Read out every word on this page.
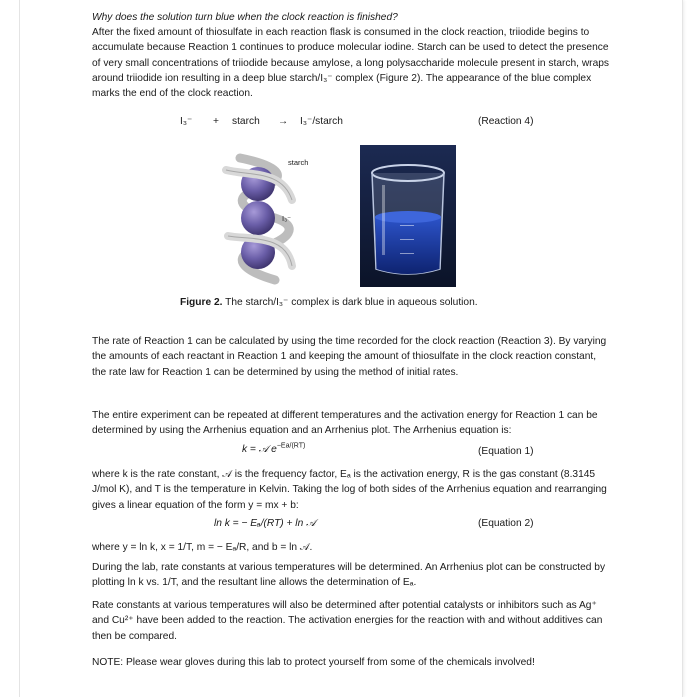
Why does the solution turn blue when the clock reaction is finished?
After the fixed amount of thiosulfate in each reaction flask is consumed in the clock reaction, triiodide begins to accumulate because Reaction 1 continues to produce molecular iodine. Starch can be used to detect the presence of very small concentrations of triiodide because amylose, a long polysaccharide molecule present in starch, wraps around triiodide ion resulting in a deep blue starch/I₃⁻ complex (Figure 2). The appearance of the blue complex marks the end of the clock reaction.
I₃⁻ + starch → I₃⁻/starch	(Reaction 4)
starch
I₃⁻
Figure 2. The starch/I₃⁻ complex is dark blue in aqueous solution.
The rate of Reaction 1 can be calculated by using the time recorded for the clock reaction (Reaction 3). By varying the amounts of each reactant in Reaction 1 and keeping the amount of thiosulfate in the clock reaction constant, the rate law for Reaction 1 can be determined by using the method of initial rates.
The entire experiment can be repeated at different temperatures and the activation energy for Reaction 1 can be determined by using the Arrhenius equation and an Arrhenius plot. The Arrhenius equation is:
k = 𝒜 $e^{-Ea/(RT)}$	(Equation 1)
where k is the rate constant, 𝒜 is the frequency factor, Eₐ is the activation energy, R is the gas constant (8.3145 J/mol K), and T is the temperature in Kelvin. Taking the log of both sides of the Arrhenius equation and rearranging gives a linear equation of the form y = mx + b:
ln k = − Eₐ/(RT) + ln 𝒜	(Equation 2)
where y = ln k, x = 1/T, m = − Eₐ/R, and b = ln 𝒜.
During the lab, rate constants at various temperatures will be determined. An Arrhenius plot can be constructed by plotting ln k vs. 1/T, and the resultant line allows the determination of Eₐ.
Rate constants at various temperatures will also be determined after potential catalysts or inhibitors such as Ag⁺ and Cu²⁺ have been added to the reaction. The activation energies for the reaction with and without additives can then be compared.
NOTE: Please wear gloves during this lab to protect yourself from some of the chemicals involved!
